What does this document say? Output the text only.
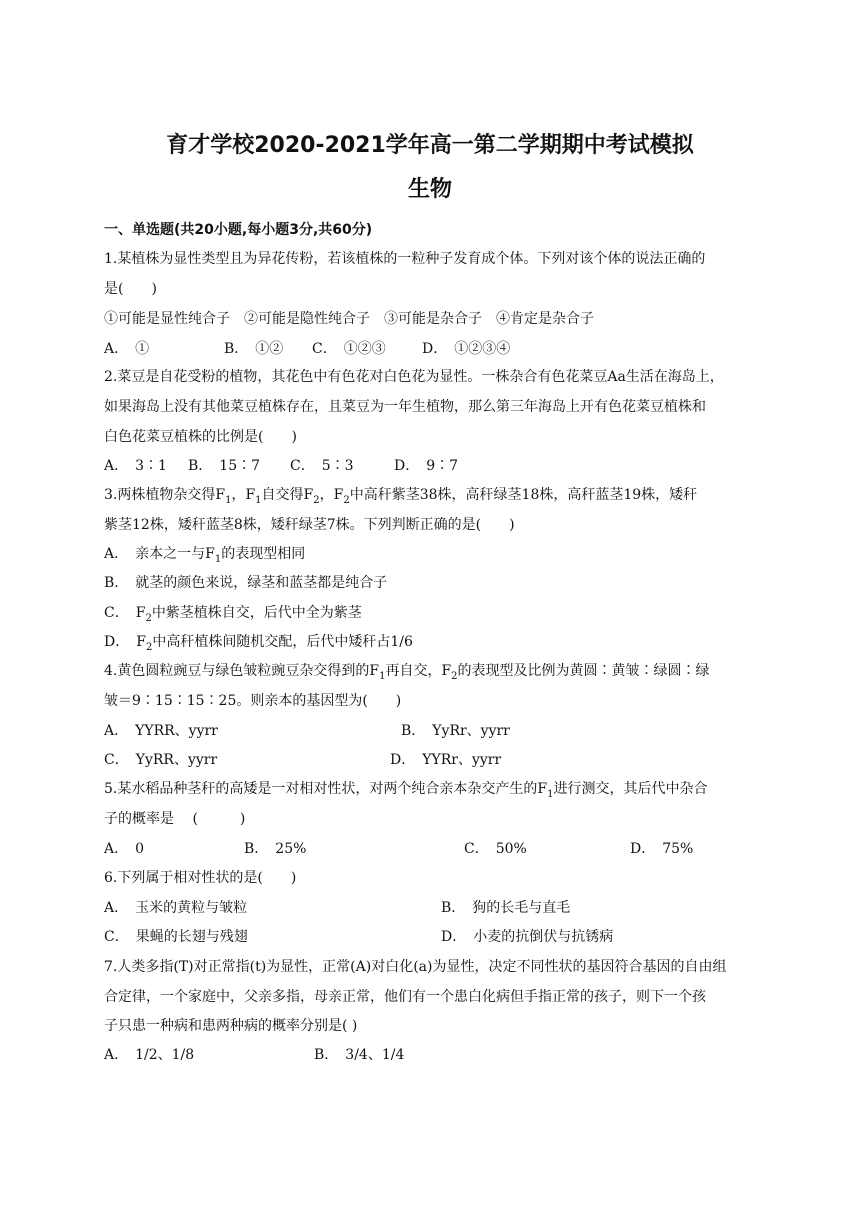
育才学校2020-2021学年高一第二学期期中考试模拟
生物

一、单选题(共20小题,每小题3分,共60分)

1.某植株为显性类型且为异花传粉，若该植株的一粒种子发育成个体。下列对该个体的说法正确的

是(　　)

①可能是显性纯合子　②可能是隐性纯合子　③可能是杂合子　④肯定是杂合子

A．　①	B．　①② C．　①②③	D．　①②③④

2.菜豆是自花受粉的植物，其花色中有色花对白色花为显性。一株杂合有色花菜豆Aa生活在海岛上，

如果海岛上没有其他菜豆植株存在，且菜豆为一年生植物，那么第三年海岛上开有色花菜豆植株和

白色花菜豆植株的比例是(　　)

A．　3∶1 B．　15∶7 C．　5∶3	D．　9∶7

3.两株植物杂交得$F_1$，$F_1$自交得$F_2$，$F_2$中高秆紫茎38株，高秆绿茎18株，高秆蓝茎19株，矮秆

紫茎12株，矮秆蓝茎8株，矮秆绿茎7株。下列判断正确的是(　　)

A．　亲本之一与$F_1$的表现型相同

B．　就茎的颜色来说，绿茎和蓝茎都是纯合子

C．　$F_2$中紫茎植株自交，后代中全为紫茎

D．　$F_2$中高秆植株间随机交配，后代中矮秆占1/6

4.黄色圆粒豌豆与绿色皱粒豌豆杂交得到的$F_1$再自交，$F_2$的表现型及比例为黄圆∶黄皱∶绿圆∶绿

皱＝9∶15∶15∶25。则亲本的基因型为(　　)

A．　YYRR、yyrr	B．　YyRr、yyrr
C．　YyRR、yyrr	D．　YYRr、yyrr

5.某水稻品种茎秆的高矮是一对相对性状，对两个纯合亲本杂交产生的$F_1$进行测交，其后代中杂合

子的概率是　 (　　　)

A．　0	B．　25%	C．　50%	D．　75%

6.下列属于相对性状的是(　　)

A．　玉米的黄粒与皱粒	B．　狗的长毛与直毛
C．　果蝇的长翅与残翅	D．　小麦的抗倒伏与抗锈病

7.人类多指(T)对正常指(t)为显性，正常(A)对白化(a)为显性，决定不同性状的基因符合基因的自由组

合定律，一个家庭中，父亲多指，母亲正常，他们有一个患白化病但手指正常的孩子，则下一个孩

子只患一种病和患两种病的概率分别是( )

A．　1/2、1/8	B．　3/4、1/4
